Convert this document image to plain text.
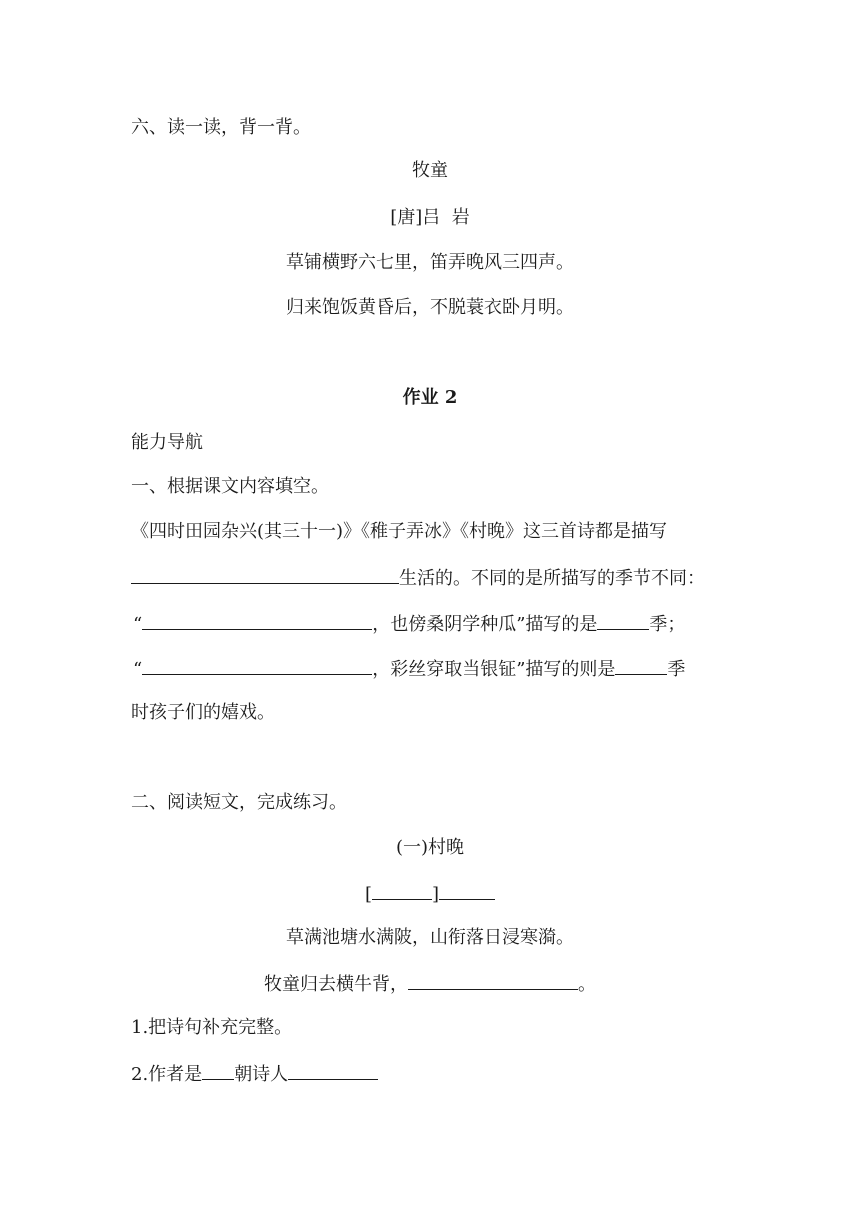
六、读一读，背一背。
牧童
[唐]吕  岩
草铺横野六七里，笛弄晚风三四声。
归来饱饭黄昏后，不脱蓑衣卧月明。
作业 2
能力导航
一、根据课文内容填空。
《四时田园杂兴(其三十一)》《稚子弄冰》《村晚》这三首诗都是描写
生活的。不同的是所描写的季节不同：
“	，也傍桑阴学种瓜”描写的是	季；
“	，彩丝穿取当银钲”描写的则是	季
时孩子们的嬉戏。
二、阅读短文，完成练习。
(一)村晚
[	]
草满池塘水满陂，山衔落日浸寒漪。
牧童归去横牛背，	。
1.把诗句补充完整。
2.作者是 朝诗人
